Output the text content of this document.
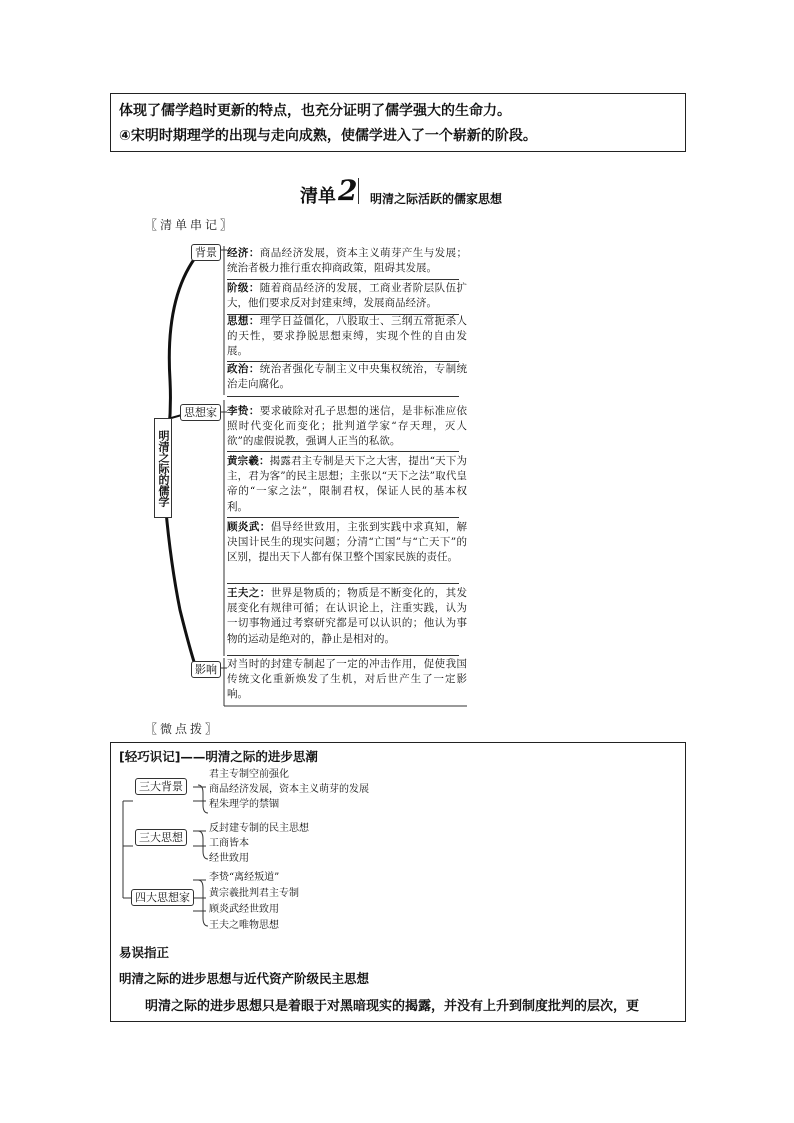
体现了儒学趋时更新的特点，也充分证明了儒学强大的生命力。
④宋明时期理学的出现与走向成熟，使儒学进入了一个崭新的阶段。
清单 2 明清之际活跃的儒家思想
〖清单串记〗
明清之际的儒学
背景
思想家
影响
经济：商品经济发展，资本主义萌芽产生与发展；统治者极力推行重农抑商政策，阻碍其发展。
阶级：随着商品经济的发展，工商业者阶层队伍扩大，他们要求反对封建束缚，发展商品经济。
思想：理学日益僵化，八股取士、三纲五常扼杀人的天性，要求挣脱思想束缚，实现个性的自由发展。
政治：统治者强化专制主义中央集权统治，专制统治走向腐化。
李贽：要求破除对孔子思想的迷信，是非标准应依照时代变化而变化；批判道学家“存天理，灭人欲”的虚假说教，强调人正当的私欲。
黄宗羲：揭露君主专制是天下之大害，提出“天下为主，君为客”的民主思想；主张以“天下之法”取代皇帝的“一家之法”，限制君权，保证人民的基本权利。
顾炎武：倡导经世致用，主张到实践中求真知，解决国计民生的现实问题；分清“亡国”与“亡天下”的区别，提出天下人都有保卫整个国家民族的责任。
王夫之：世界是物质的；物质是不断变化的，其发展变化有规律可循；在认识论上，注重实践，认为一切事物通过考察研究都是可以认识的；他认为事物的运动是绝对的，静止是相对的。
对当时的封建专制起了一定的冲击作用，促使我国传统文化重新焕发了生机，对后世产生了一定影响。
〖微点拨〗
[轻巧识记]——明清之际的进步思潮
三大背景
君主专制空前强化
商品经济发展，资本主义萌芽的发展
程朱理学的禁锢
三大思想
反封建专制的民主思想
工商皆本
经世致用
四大思想家
李贽“离经叛道”
黄宗羲批判君主专制
顾炎武经世致用
王夫之唯物思想
易误指正
明清之际的进步思想与近代资产阶级民主思想
明清之际的进步思想只是着眼于对黑暗现实的揭露，并没有上升到制度批判的层次，更
